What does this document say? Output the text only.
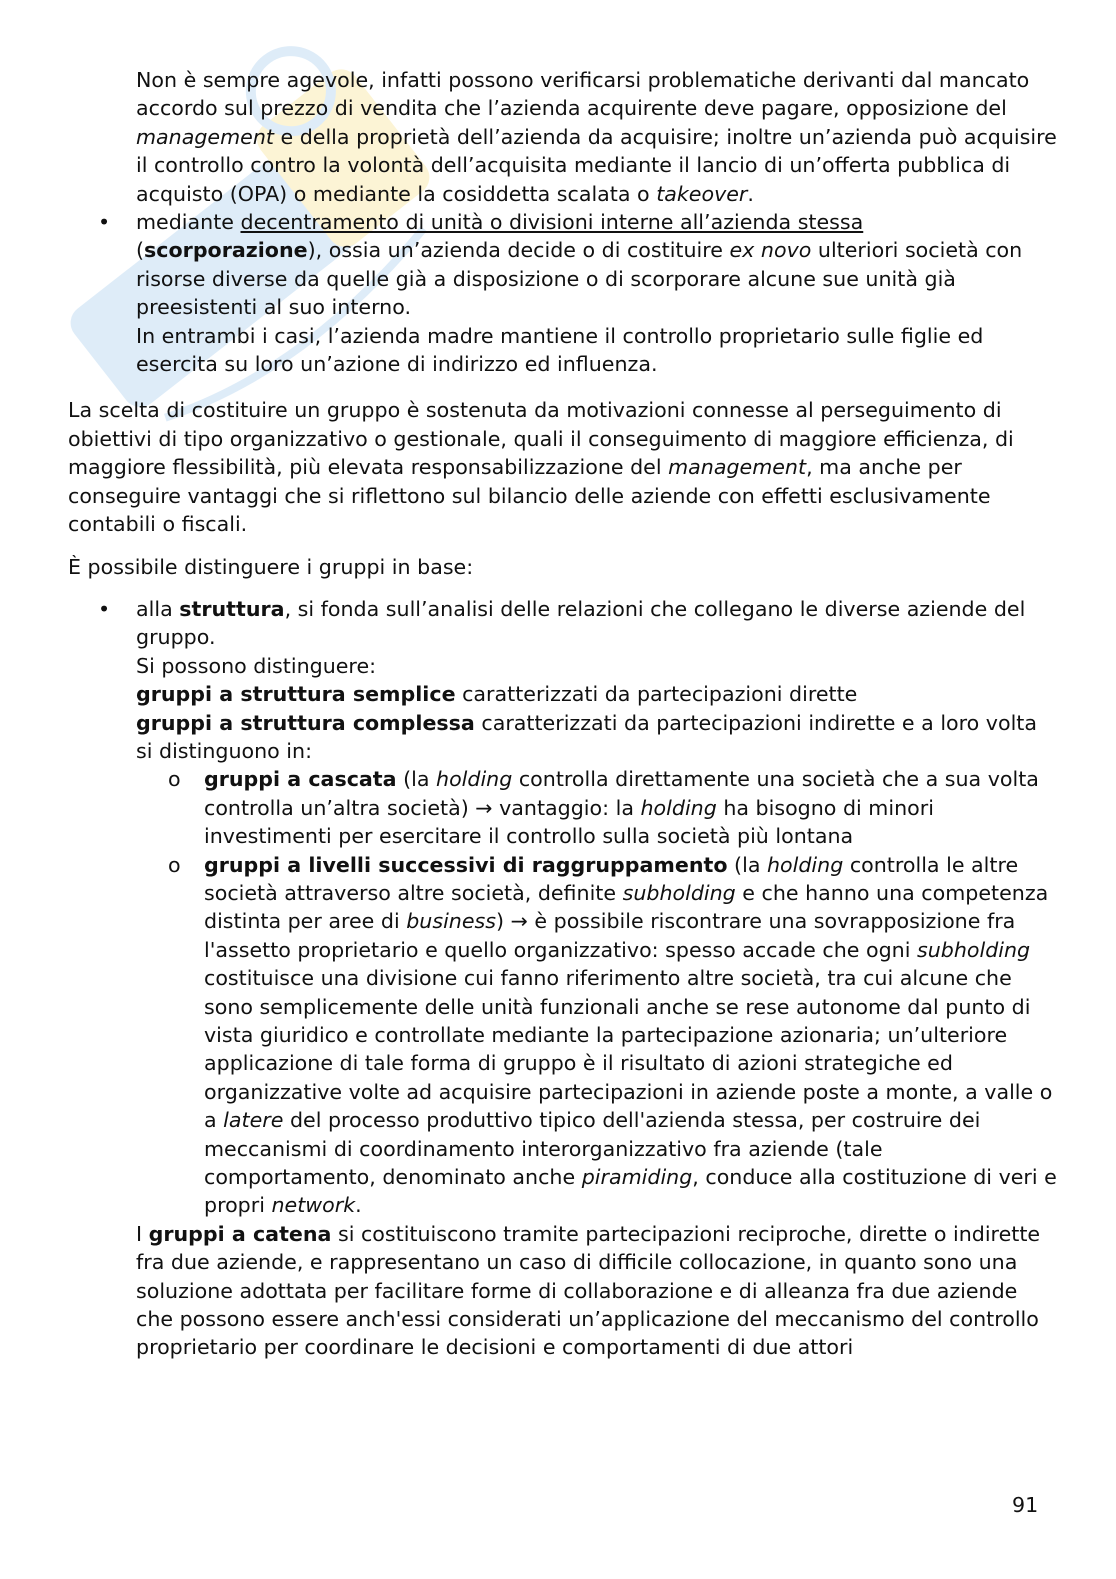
Non è sempre agevole, infatti possono verificarsi problematiche derivanti dal mancato accordo sul prezzo di vendita che l’azienda acquirente deve pagare, opposizione del management e della proprietà dell’azienda da acquisire; inoltre un’azienda può acquisire il controllo contro la volontà dell’acquisita mediante il lancio di un’offerta pubblica di acquisto (OPA) o mediante la cosiddetta scalata o takeover.

• mediante decentramento di unità o divisioni interne all’azienda stessa
(scorporazione), ossia un’azienda decide o di costituire ex novo ulteriori società con risorse diverse da quelle già a disposizione o di scorporare alcune sue unità già preesistenti al suo interno.
In entrambi i casi, l’azienda madre mantiene il controllo proprietario sulle figlie ed esercita su loro un’azione di indirizzo ed influenza.

La scelta di costituire un gruppo è sostenuta da motivazioni connesse al perseguimento di obiettivi di tipo organizzativo o gestionale, quali il conseguimento di maggiore efficienza, di maggiore flessibilità, più elevata responsabilizzazione del management, ma anche per conseguire vantaggi che si riflettono sul bilancio delle aziende con effetti esclusivamente contabili o fiscali.

È possibile distinguere i gruppi in base:

• alla struttura, si fonda sull’analisi delle relazioni che collegano le diverse aziende del gruppo.
Si possono distinguere:
gruppi a struttura semplice caratterizzati da partecipazioni dirette
gruppi a struttura complessa caratterizzati da partecipazioni indirette e a loro volta si distinguono in:
o gruppi a cascata (la holding controlla direttamente una società che a sua volta controlla un’altra società) → vantaggio: la holding ha bisogno di minori investimenti per esercitare il controllo sulla società più lontana
o gruppi a livelli successivi di raggruppamento (la holding controlla le altre società attraverso altre società, definite subholding e che hanno una competenza distinta per aree di business) → è possibile riscontrare una sovrapposizione fra l'assetto proprietario e quello organizzativo: spesso accade che ogni subholding costituisce una divisione cui fanno riferimento altre società, tra cui alcune che sono semplicemente delle unità funzionali anche se rese autonome dal punto di vista giuridico e controllate mediante la partecipazione azionaria; un’ulteriore applicazione di tale forma di gruppo è il risultato di azioni strategiche ed organizzative volte ad acquisire partecipazioni in aziende poste a monte, a valle o a latere del processo produttivo tipico dell'azienda stessa, per costruire dei meccanismi di coordinamento interorganizzativo fra aziende (tale comportamento, denominato anche piramiding, conduce alla costituzione di veri e propri network.

I gruppi a catena si costituiscono tramite partecipazioni reciproche, dirette o indirette fra due aziende, e rappresentano un caso di difficile collocazione, in quanto sono una soluzione adottata per facilitare forme di collaborazione e di alleanza fra due aziende che possono essere anch'essi considerati un’applicazione del meccanismo del controllo proprietario per coordinare le decisioni e comportamenti di due attori

91
